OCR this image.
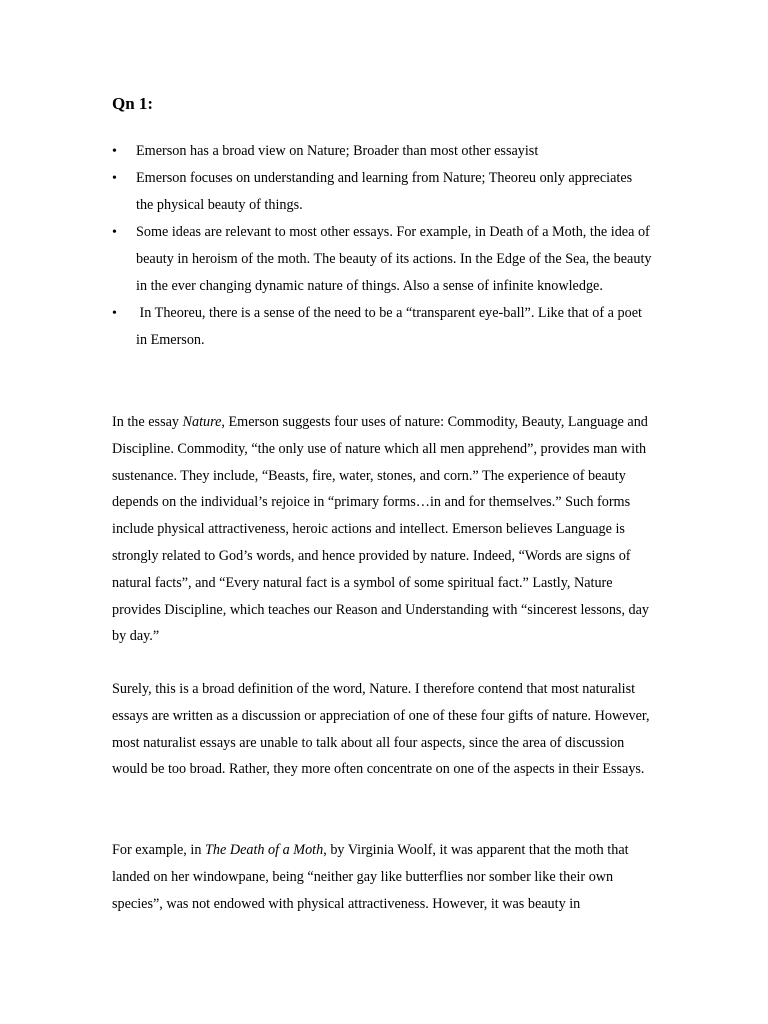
Qn 1:
• Emerson has a broad view on Nature; Broader than most other essayist
• Emerson focuses on understanding and learning from Nature; Theoreu only appreciates the physical beauty of things.
• Some ideas are relevant to most other essays. For example, in Death of a Moth, the idea of beauty in heroism of the moth. The beauty of its actions. In the Edge of the Sea, the beauty in the ever changing dynamic nature of things. Also a sense of infinite knowledge.
• In Theoreu, there is a sense of the need to be a “transparent eye-ball”. Like that of a poet in Emerson.

In the essay Nature, Emerson suggests four uses of nature: Commodity, Beauty, Language and Discipline. Commodity, “the only use of nature which all men apprehend”, provides man with sustenance. They include, “Beasts, fire, water, stones, and corn.” The experience of beauty depends on the individual’s rejoice in “primary forms…in and for themselves.” Such forms include physical attractiveness, heroic actions and intellect. Emerson believes Language is strongly related to God’s words, and hence provided by nature. Indeed, “Words are signs of natural facts”, and “Every natural fact is a symbol of some spiritual fact.” Lastly, Nature provides Discipline, which teaches our Reason and Understanding with “sincerest lessons, day by day.”

Surely, this is a broad definition of the word, Nature. I therefore contend that most naturalist essays are written as a discussion or appreciation of one of these four gifts of nature. However, most naturalist essays are unable to talk about all four aspects, since the area of discussion would be too broad. Rather, they more often concentrate on one of the aspects in their Essays.

For example, in The Death of a Moth, by Virginia Woolf, it was apparent that the moth that landed on her windowpane, being “neither gay like butterflies nor somber like their own species”, was not endowed with physical attractiveness. However, it was beauty in
